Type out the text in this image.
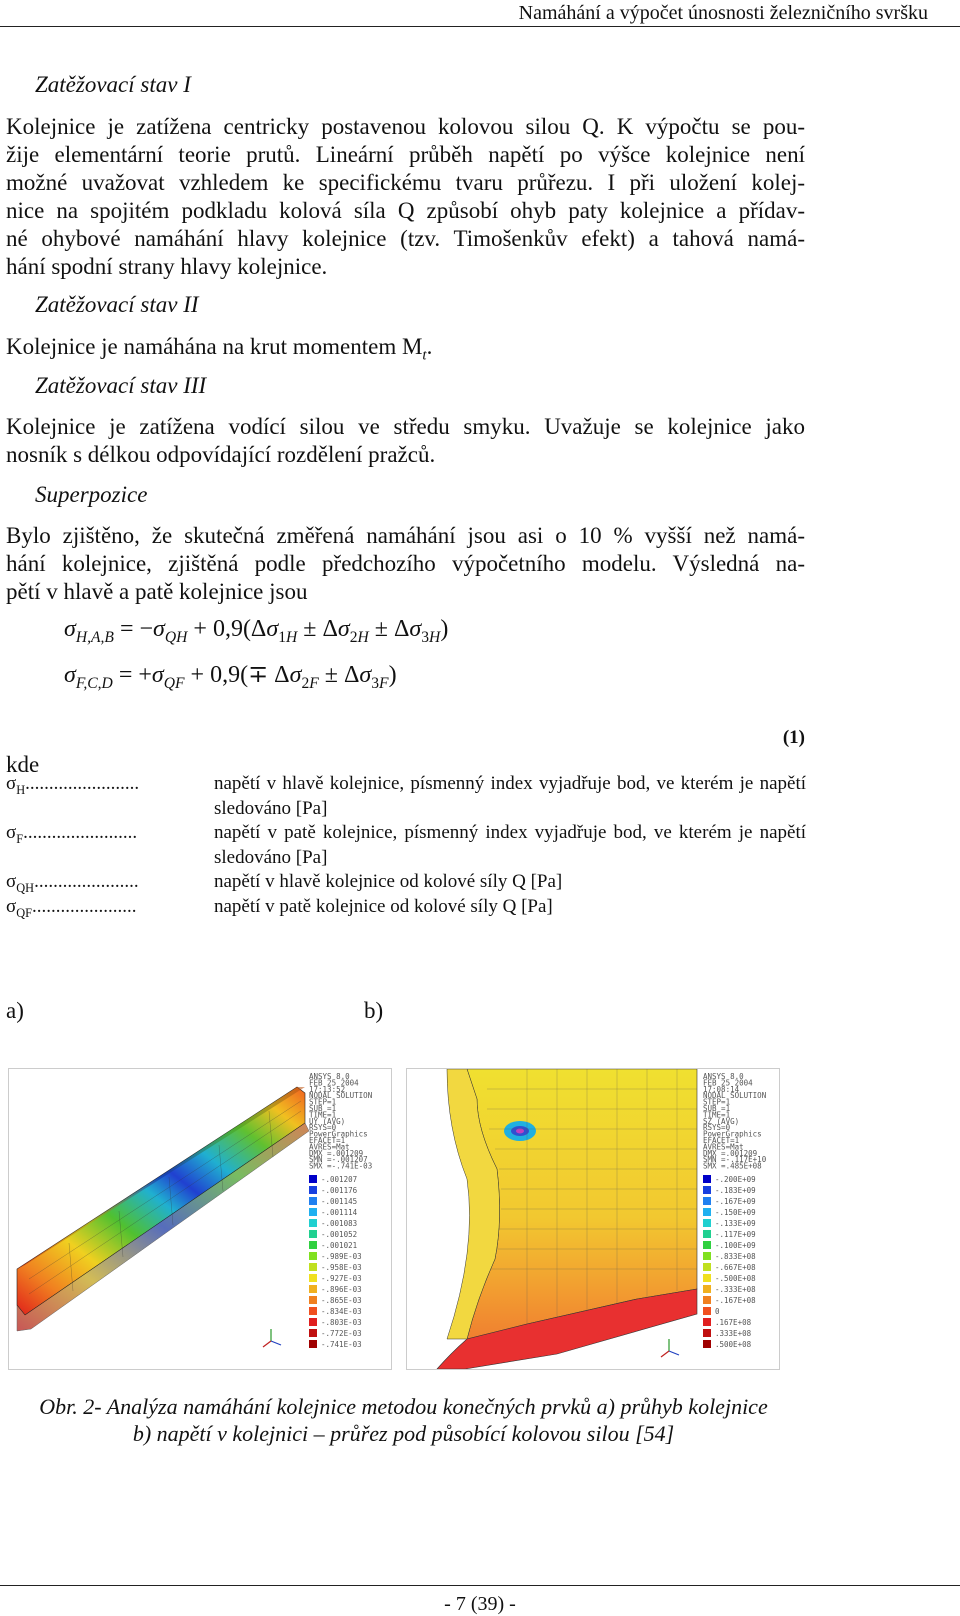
Namáhání a výpočet únosnosti železničního svršku
Zatěžovací stav I
Kolejnice je zatížena centricky postavenou kolovou silou Q. K výpočtu se pou-
žije elementární teorie prutů. Lineární průběh napětí po výšce kolejnice není
možné uvažovat vzhledem ke specifickému tvaru průřezu. I při uložení kolej-
nice na spojitém podkladu kolová síla Q způsobí ohyb paty kolejnice a přídav-
né ohybové namáhání hlavy kolejnice (tzv. Timošenkův efekt) a tahová namá-
hání spodní strany hlavy kolejnice.
Zatěžovací stav II
Kolejnice je namáhána na krut momentem $M_t$.
Zatěžovací stav III
Kolejnice je zatížena vodící silou ve středu smyku. Uvažuje se kolejnice jako
nosník s délkou odpovídající rozdělení pražců.
Superpozice
Bylo zjištěno, že skutečná změřená namáhání jsou asi o 10 % vyšší než namá-
hání kolejnice, zjištěná podle předchozího výpočetního modelu. Výsledná na-
pětí v hlavě a patě kolejnice jsou
$\sigma_{H,A,B} = -\sigma_{QH} + 0,9(\Delta\sigma_{1H} \pm \Delta\sigma_{2H} \pm \Delta\sigma_{3H})$
$\sigma_{F,C,D} = +\sigma_{QF} + 0,9(\mp \Delta\sigma_{2F} \pm \Delta\sigma_{3F})$
(1)
kde
$\sigma_H$........................	napětí v hlavě kolejnice, písmenný index vyjadřuje bod, ve kterém je napětí sledováno [Pa]
$\sigma_F$........................	napětí v patě kolejnice, písmenný index vyjadřuje bod, ve kterém je napětí sledováno [Pa]
$\sigma_{QH}$......................	napětí v hlavě kolejnice od kolové síly Q [Pa]
$\sigma_{QF}$......................	napětí v patě kolejnice od kolové síly Q [Pa]
a)	b)
ANSYS 8.0 FEB 25 2004 17:13:52 NODAL SOLUTION STEP=1 SUB =1 TIME=1 UY (AVG) RSYS=0 PowerGraphics EFACET=1 AVRES=Mat DMX =.001209 SMN =-.001207 SMX =-.741E-03
-.001207 -.001176 -.001145 -.001114 -.001083 -.001052 -.001021 -.989E-03 -.958E-03 -.927E-03 -.896E-03 -.865E-03 -.834E-03 -.803E-03 -.772E-03 -.741E-03
ANSYS 8.0 FEB 25 2004 17:08:14 NODAL SOLUTION STEP=1 SUB =1 TIME=1 SZ (AVG) RSYS=0 PowerGraphics EFACET=1 AVRES=Mat DMX =.001209 SMN =-.117E+10 SMX =.485E+08
-.200E+09 -.183E+09 -.167E+09 -.150E+09 -.133E+09 -.117E+09 -.100E+09 -.833E+08 -.667E+08 -.500E+08 -.333E+08 -.167E+08 0 .167E+08 .333E+08 .500E+08
Obr. 2- Analýza namáhání kolejnice metodou konečných prvků a) průhyb kolejnice
b) napětí v kolejnici – průřez pod působící kolovou silou [54]
- 7 (39) -
